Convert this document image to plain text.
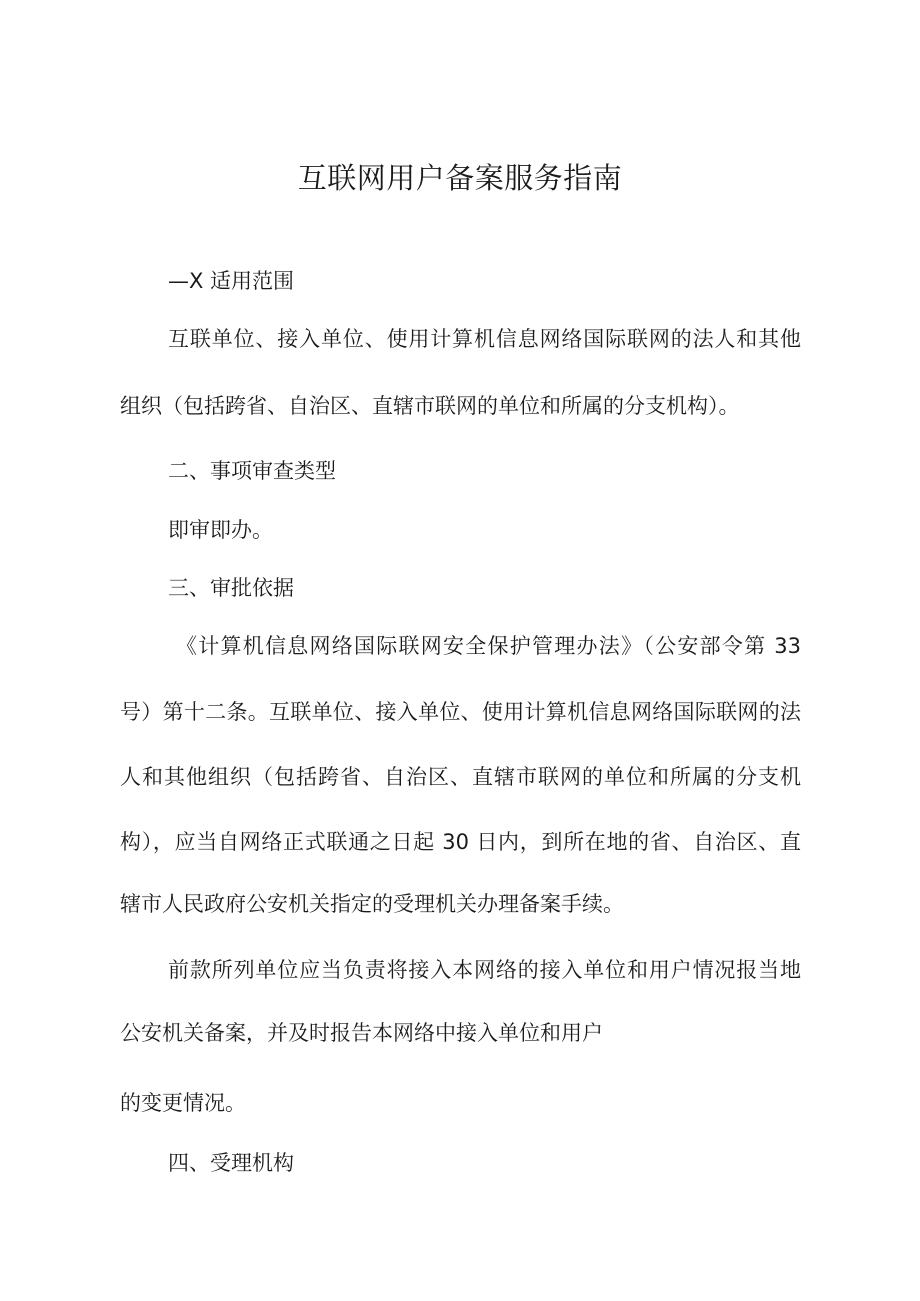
互联网用户备案服务指南
—X 适用范围
互联单位、接入单位、使用计算机信息网络国际联网的法人和其他
组织（包括跨省、自治区、直辖市联网的单位和所属的分支机构）。
二、事项审查类型
即审即办。
三、审批依据
《计算机信息网络国际联网安全保护管理办法》（公安部令第 33
号）第十二条。互联单位、接入单位、使用计算机信息网络国际联网的法
人和其他组织（包括跨省、自治区、直辖市联网的单位和所属的分支机
构），应当自网络正式联通之日起 30 日内，到所在地的省、自治区、直
辖市人民政府公安机关指定的受理机关办理备案手续。
前款所列单位应当负责将接入本网络的接入单位和用户情况报当地
公安机关备案，并及时报告本网络中接入单位和用户
的变更情况。
四、受理机构
